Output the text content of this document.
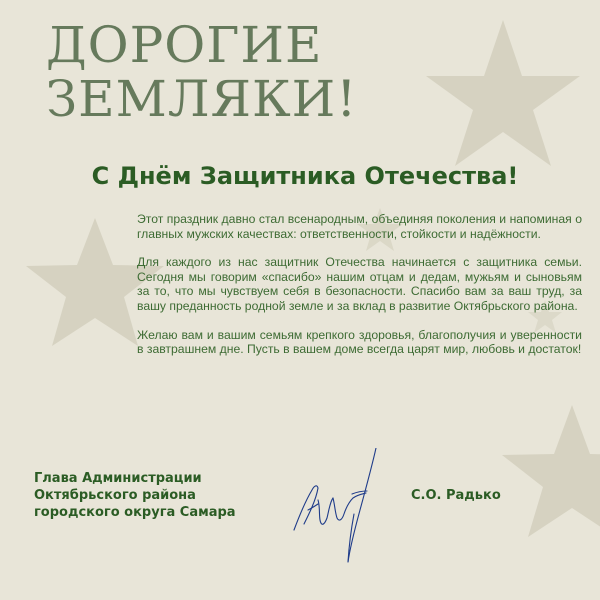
ДОРОГИЕ
ЗЕМЛЯКИ!
С Днём Защитника Отечества!

Этот праздник давно стал всенародным, объединяя поколения и напоминая о главных мужских качествах: ответственности, стойкости и надёжности.

Для каждого из нас защитник Отечества начинается с защитника семьи. Сегодня мы говорим «спасибо» нашим отцам и дедам, мужьям и сыновьям за то, что мы чувствуем себя в безопасности. Спасибо вам за ваш труд, за вашу преданность родной земле и за вклад в развитие Октябрьского района.

Желаю вам и вашим семьям крепкого здоровья, благополучия и уверенности в завтрашнем дне. Пусть в вашем доме всегда царят мир, любовь и достаток!

Глава Администрации
Октябрьского района
городского округа Самара
С.О. Радько
